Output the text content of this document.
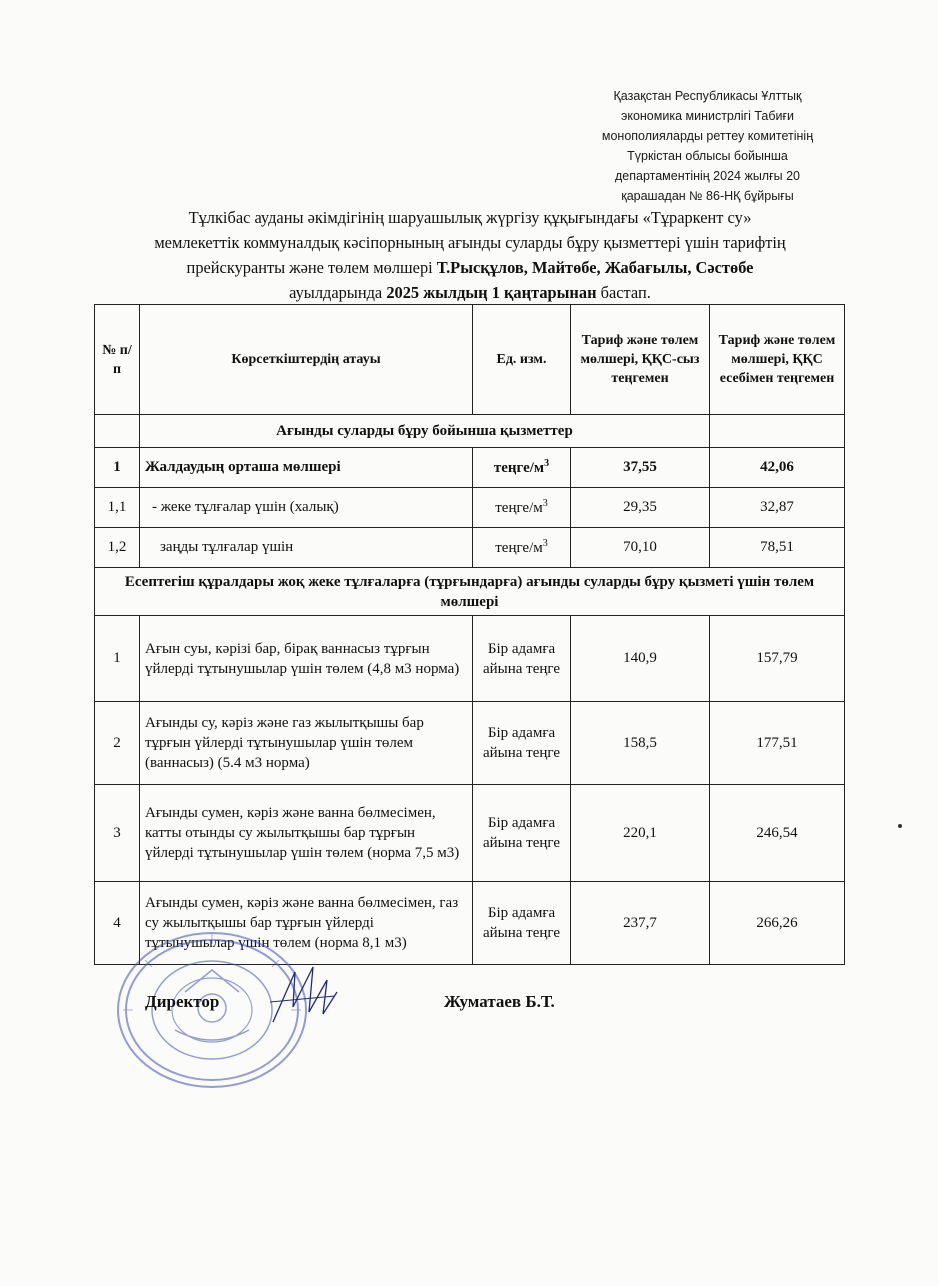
Қазақстан Республикасы Ұлттық
экономика министрлігі Табиғи
монополияларды реттеу комитетінің
Түркістан облысы бойынша
департаментінің 2024 жылғы 20
қарашадан № 86-НҚ бұйрығы
Тұлкібас ауданы әкімдігінің шаруашылық жүргізу құқығындағы «Тұраркент су»
мемлекеттік коммуналдық кәсіпорнының ағынды суларды бұру қызметтері үшін тарифтің
прейскуранты және төлем мөлшері Т.Рысқұлов, Майтөбе, Жабағылы, Сәстөбе
ауылдарында 2025 жылдың 1 қаңтарынан бастап.
№ п/п	Көрсеткіштердің атауы	Ед. изм.	Тариф және төлем мөлшері, ҚҚС-сыз теңгемен	Тариф және төлем мөлшері, ҚҚС есебімен теңгемен
	Ағынды суларды бұру бойынша қызметтер			
1	Жалдаудың орташа мөлшері	теңге/$м^3$	37,55	42,06
1,1	- жеке тұлғалар үшін (халық)	теңге/$м^3$	29,35	32,87
1,2	заңды тұлғалар үшін	теңге/$м^3$	70,10	78,51
Есептегіш құралдары жоқ жеке тұлғаларға (тұрғындарға) ағынды суларды бұру қызметі үшін төлем мөлшері				
1	Ағын суы, кәрізі бар, бірақ ваннасыз тұрғын үйлерді тұтынушылар үшін төлем (4,8 м3 норма)	Бір адамға айына теңге	140,9	157,79
2	Ағынды су, кәріз және газ жылытқышы бар тұрғын үйлерді тұтынушылар үшін төлем (ваннасыз) (5.4 м3 норма)	Бір адамға айына теңге	158,5	177,51
3	Ағынды сумен, кәріз және ванна бөлмесімен, катты отынды су жылытқышы бар тұрғын үйлерді тұтынушылар үшін төлем (норма 7,5 м3)	Бір адамға айына теңге	220,1	246,54
4	Ағынды сумен, кәріз және ванна бөлмесімен, газ су жылытқышы бар тұрғын үйлерді тұтынушылар үшін төлем (норма 8,1 м3)	Бір адамға айына теңге	237,7	266,26
Директор	Жуматаев Б.Т.
